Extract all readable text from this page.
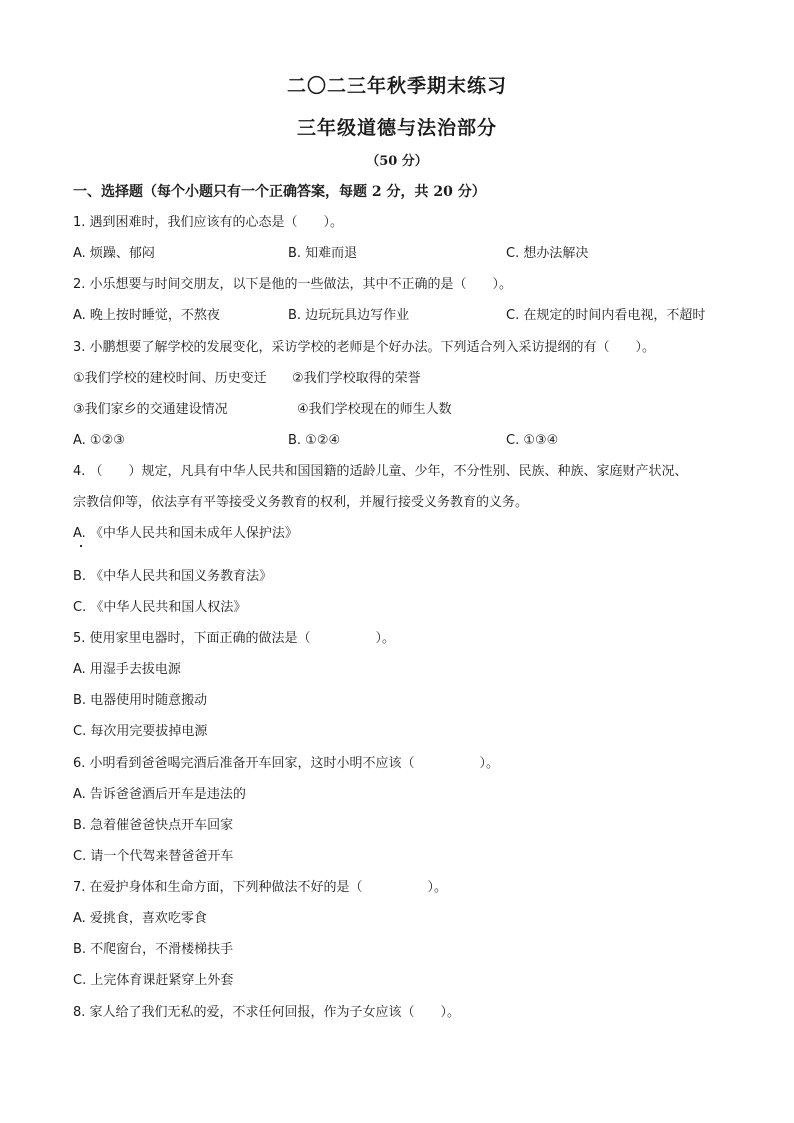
二〇二三年秋季期末练习
三年级道德与法治部分
（50 分）
一、选择题（每个小题只有一个正确答案，每题 2 分，共 20 分）
1. 遇到困难时，我们应该有的心态是（　　）。
A. 烦躁、郁闷	B. 知难而退	C. 想办法解决
2. 小乐想要与时间交朋友，以下是他的一些做法，其中不正确的是（　　）。
A. 晚上按时睡觉，不熬夜	B. 边玩玩具边写作业	C. 在规定的时间内看电视，不超时
3. 小鹏想要了解学校的发展变化，采访学校的老师是个好办法。下列适合列入采访提纲的有（　　）。
①我们学校的建校时间、历史变迁 ②我们学校取得的荣誉
③我们家乡的交通建设情况	④我们学校现在的师生人数
A. ①②③	B. ①②④	C. ①③④
4. （　　）规定，凡具有中华人民共和国国籍的适龄儿童、少年，不分性别、民族、种族、家庭财产状况、
宗教信仰等，依法享有平等接受义务教育的权利，并履行接受义务教育的义务。
A. 《中华人民共和国未成年人保护法》
B. 《中华人民共和国义务教育法》
C. 《中华人民共和国人权法》
5. 使用家里电器时，下面正确的做法是（　　　　　）。
A. 用湿手去拔电源
B. 电器使用时随意搬动
C. 每次用完要拔掉电源
6. 小明看到爸爸喝完酒后准备开车回家，这时小明不应该（　　　　　）。
A. 告诉爸爸酒后开车是违法的
B. 急着催爸爸快点开车回家
C. 请一个代驾来替爸爸开车
7. 在爱护身体和生命方面，下列种做法不好的是（　　　　　）。
A. 爱挑食，喜欢吃零食
B. 不爬窗台，不滑楼梯扶手
C. 上完体育课赶紧穿上外套
8. 家人给了我们无私的爱，不求任何回报，作为子女应该（　　）。
